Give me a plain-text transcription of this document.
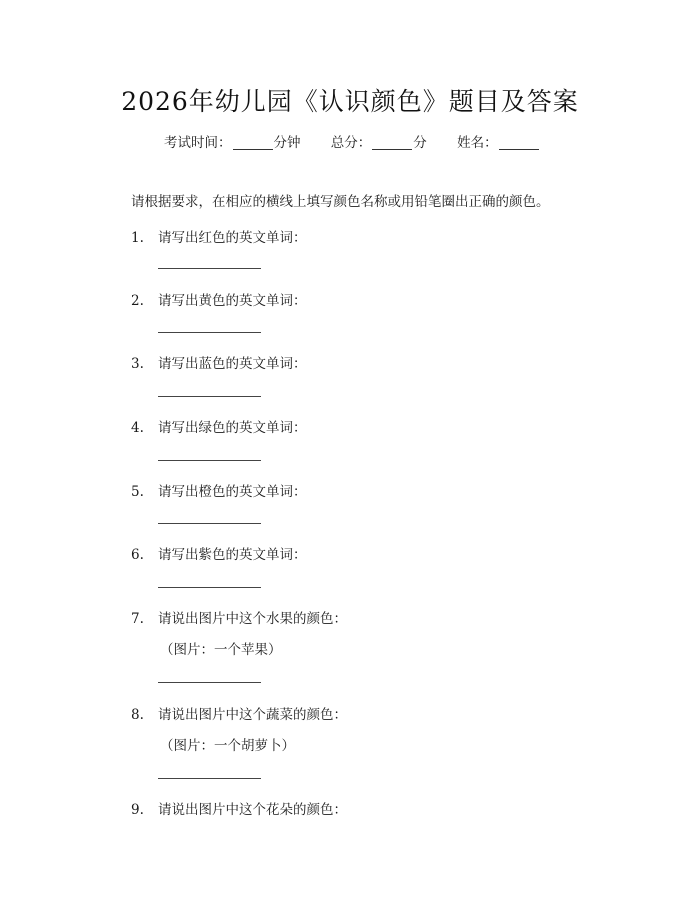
2026年幼儿园《认识颜色》题目及答案
考试时间：	分钟 总分：	分 姓名：
请根据要求，在相应的横线上填写颜色名称或用铅笔圈出正确的颜色。
1. 请写出红色的英文单词：
2. 请写出黄色的英文单词：
3. 请写出蓝色的英文单词：
4. 请写出绿色的英文单词：
5. 请写出橙色的英文单词：
6. 请写出紫色的英文单词：
7. 请说出图片中这个水果的颜色：
（图片：一个苹果）
8. 请说出图片中这个蔬菜的颜色：
（图片：一个胡萝卜）
9. 请说出图片中这个花朵的颜色：
